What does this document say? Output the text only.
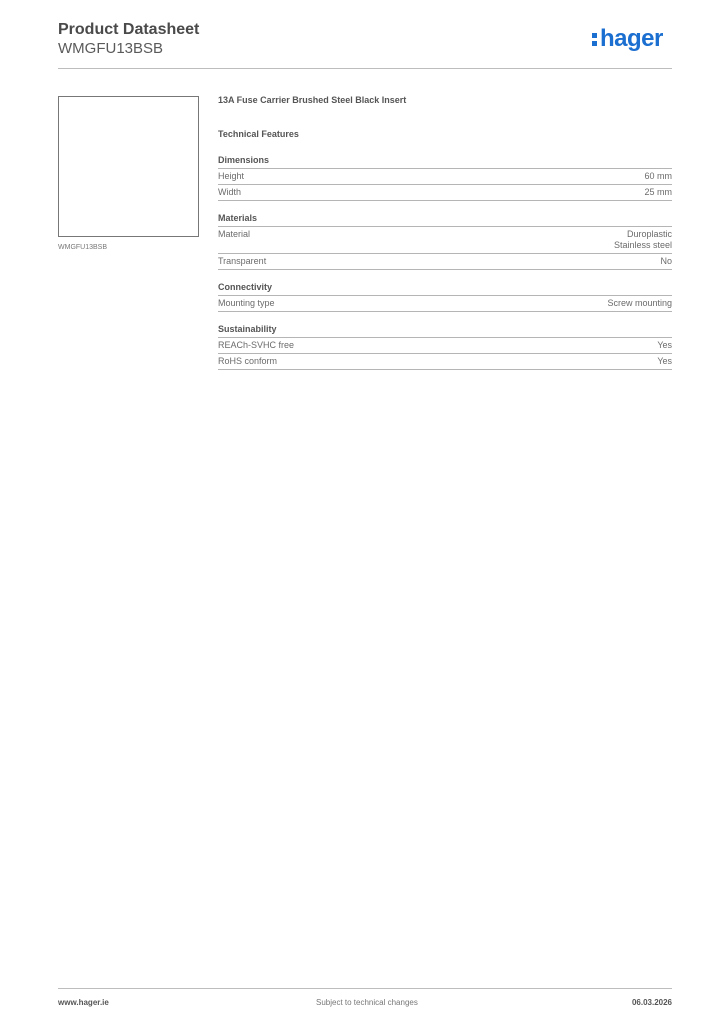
Product Datasheet
WMGFU13BSB	hager
WMGFU13BSB
13A Fuse Carrier Brushed Steel Black Insert
Technical Features
Dimensions
Height	60 mm
Width	25 mm
Materials
Material	Duroplastic
Stainless steel
Transparent	No
Connectivity
Mounting type	Screw mounting
Sustainability
REACh-SVHC free	Yes
RoHS conform	Yes
www.hager.ie	Subject to technical changes	06.03.2026
